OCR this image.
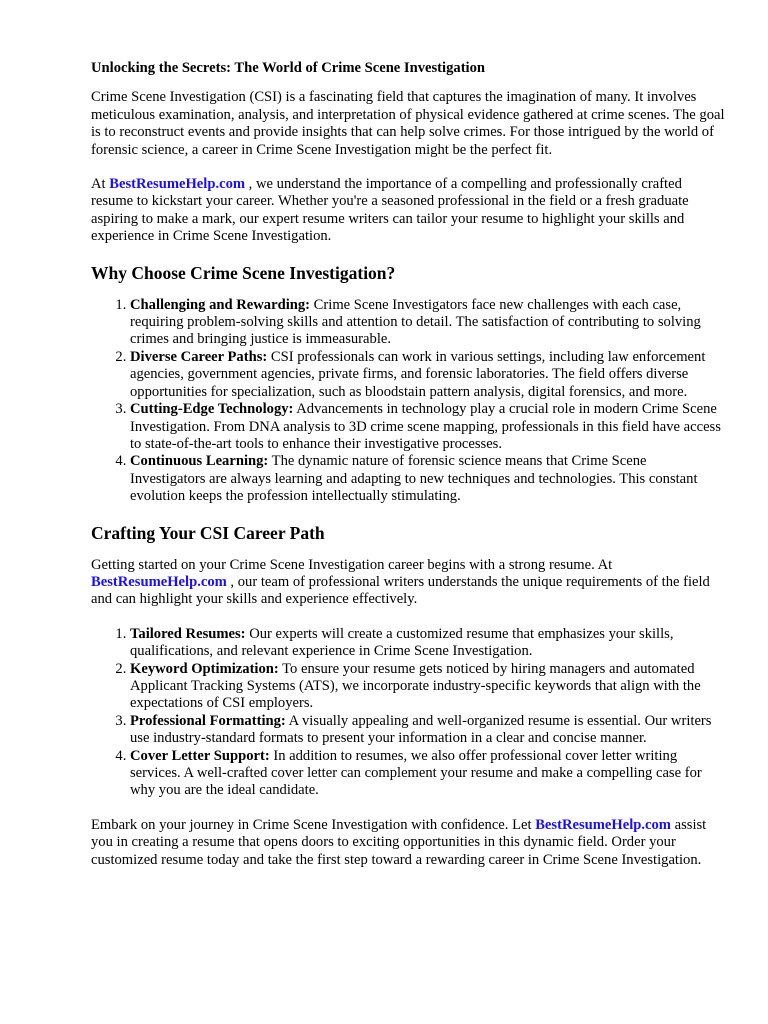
Unlocking the Secrets: The World of Crime Scene Investigation

Crime Scene Investigation (CSI) is a fascinating field that captures the imagination of many. It involves meticulous examination, analysis, and interpretation of physical evidence gathered at crime scenes. The goal is to reconstruct events and provide insights that can help solve crimes. For those intrigued by the world of forensic science, a career in Crime Scene Investigation might be the perfect fit.

At BestResumeHelp.com , we understand the importance of a compelling and professionally crafted resume to kickstart your career. Whether you're a seasoned professional in the field or a fresh graduate aspiring to make a mark, our expert resume writers can tailor your resume to highlight your skills and experience in Crime Scene Investigation.

Why Choose Crime Scene Investigation?
1. Challenging and Rewarding: Crime Scene Investigators face new challenges with each case, requiring problem-solving skills and attention to detail. The satisfaction of contributing to solving crimes and bringing justice is immeasurable.
2. Diverse Career Paths: CSI professionals can work in various settings, including law enforcement agencies, government agencies, private firms, and forensic laboratories. The field offers diverse opportunities for specialization, such as bloodstain pattern analysis, digital forensics, and more.
3. Cutting-Edge Technology: Advancements in technology play a crucial role in modern Crime Scene Investigation. From DNA analysis to 3D crime scene mapping, professionals in this field have access to state-of-the-art tools to enhance their investigative processes.
4. Continuous Learning: The dynamic nature of forensic science means that Crime Scene Investigators are always learning and adapting to new techniques and technologies. This constant evolution keeps the profession intellectually stimulating.
Crafting Your CSI Career Path

Getting started on your Crime Scene Investigation career begins with a strong resume. At BestResumeHelp.com , our team of professional writers understands the unique requirements of the field and can highlight your skills and experience effectively.

1. Tailored Resumes: Our experts will create a customized resume that emphasizes your skills, qualifications, and relevant experience in Crime Scene Investigation.
2. Keyword Optimization: To ensure your resume gets noticed by hiring managers and automated Applicant Tracking Systems (ATS), we incorporate industry-specific keywords that align with the expectations of CSI employers.
3. Professional Formatting: A visually appealing and well-organized resume is essential. Our writers use industry-standard formats to present your information in a clear and concise manner.
4. Cover Letter Support: In addition to resumes, we also offer professional cover letter writing services. A well-crafted cover letter can complement your resume and make a compelling case for why you are the ideal candidate.

Embark on your journey in Crime Scene Investigation with confidence. Let BestResumeHelp.com assist you in creating a resume that opens doors to exciting opportunities in this dynamic field. Order your customized resume today and take the first step toward a rewarding career in Crime Scene Investigation.
